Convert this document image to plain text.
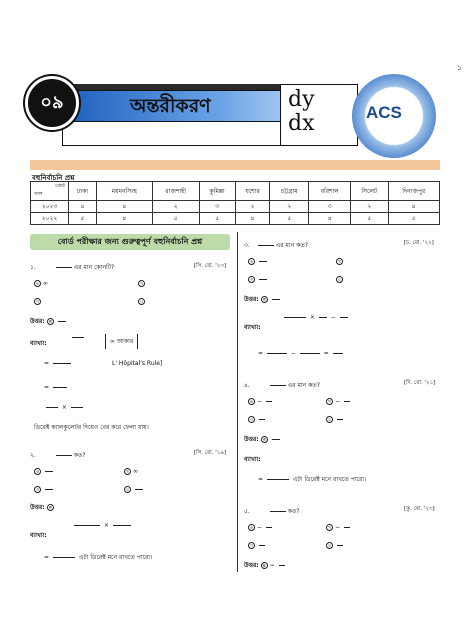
১
অন্তরীকরণ
০৯	dy
dx	ACS
বহুনির্বাচনি প্রশ্ন
বোর্ড
সাল	ঢাকা	ময়মনসিংহ	রাজশাহী	কুমিল্লা	যশোর	চট্টগ্রাম	বরিশাল	সিলেট	দিনাজপুর
২০২৩	৪	৪	২	৩	২	২	৩	২	৪
২০২২	৫	৪	৫	৫	৪	৫	৪	৫	৫
বোর্ড পরীক্ষার জন্য গুরুত্বপূর্ণ বহুনির্বাচনি প্রশ্ন
১.	এর মান কোনটি?	[সি. বো. '২৩]
ক ∞	খ
গ	ঘ
উত্তর: গ
ব্যাখ্যা:	∞ আকার
=	L' Hôpital's Rule]
=
×
ডিরেক্ট ক্যালকুলেটর দিয়েও বের করে ফেলা যায়।
২.	কত?	[সি. বো. '১৯]
ক	খ ∞
গ	ঘ
উত্তর: গ
ব্যাখ্যা:
×
=	এটা ডিরেক্ট মনে রাখতে পারো।
৩.	এর মান কত?	[চ. বো. '২২]
ক	খ
গ	ঘ
উত্তর: গ
ব্যাখ্যা:
×  −
=	−	=
৪.	এর মান কত?	[দি. বো. '২১]
ক −	খ −
গ	ঘ
উত্তর: গ
ব্যাখ্যা:
=	এটা ডিরেক্ট মনে রাখতে পারো।
৫.	কত?	[কু. বো. '২৩]
ক −	খ −
গ	ঘ
উত্তর: ঘ −
